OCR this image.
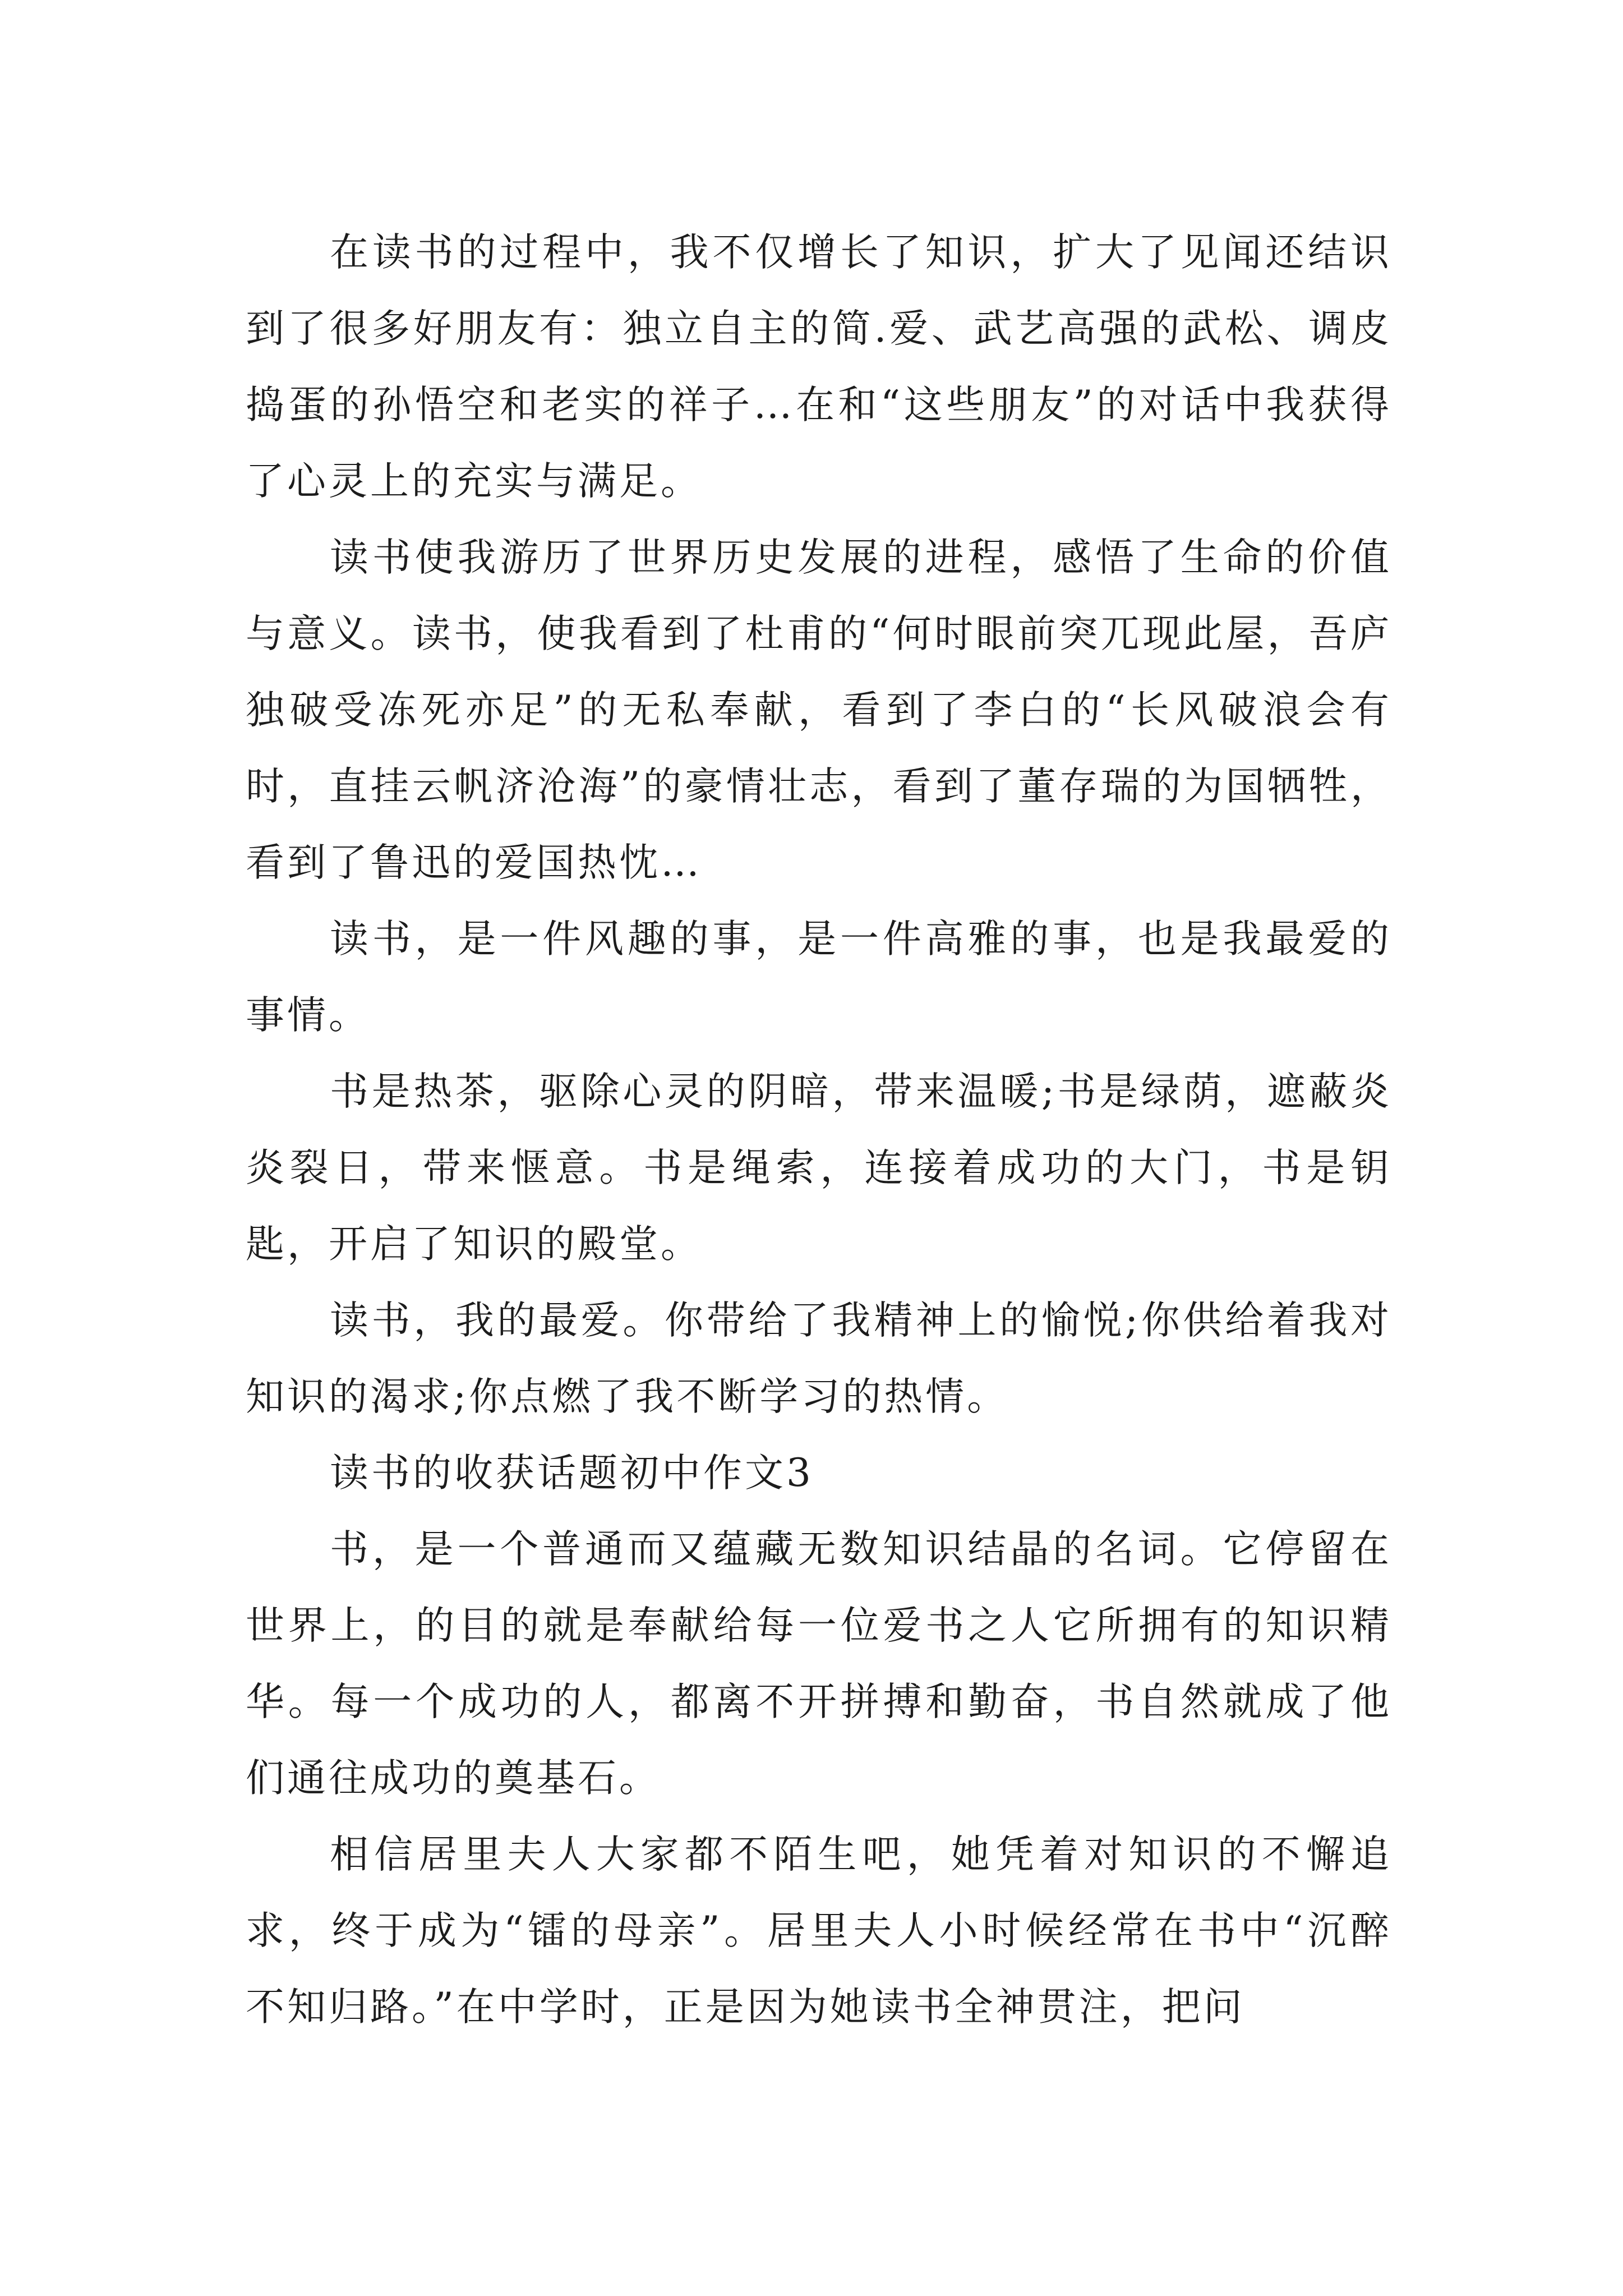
在读书的过程中，我不仅增长了知识，扩大了见闻还结识到了很多好朋友有：独立自主的简.爱、武艺高强的武松、调皮捣蛋的孙悟空和老实的祥子…在和“这些朋友”的对话中我获得了心灵上的充实与满足。

读书使我游历了世界历史发展的进程，感悟了生命的价值与意义。读书，使我看到了杜甫的“何时眼前突兀现此屋，吾庐独破受冻死亦足”的无私奉献，看到了李白的“长风破浪会有时，直挂云帆济沧海”的豪情壮志，看到了董存瑞的为国牺牲，看到了鲁迅的爱国热忱…

读书，是一件风趣的事，是一件高雅的事，也是我最爱的事情。

书是热茶，驱除心灵的阴暗，带来温暖;书是绿荫，遮蔽炎炎裂日，带来惬意。书是绳索，连接着成功的大门，书是钥匙，开启了知识的殿堂。

读书，我的最爱。你带给了我精神上的愉悦;你供给着我对知识的渴求;你点燃了我不断学习的热情。

读书的收获话题初中作文3

书，是一个普通而又蕴藏无数知识结晶的名词。它停留在世界上，的目的就是奉献给每一位爱书之人它所拥有的知识精华。每一个成功的人，都离不开拼搏和勤奋，书自然就成了他们通往成功的奠基石。

相信居里夫人大家都不陌生吧，她凭着对知识的不懈追求，终于成为“镭的母亲”。居里夫人小时候经常在书中“沉醉不知归路。”在中学时，正是因为她读书全神贯注，把问
